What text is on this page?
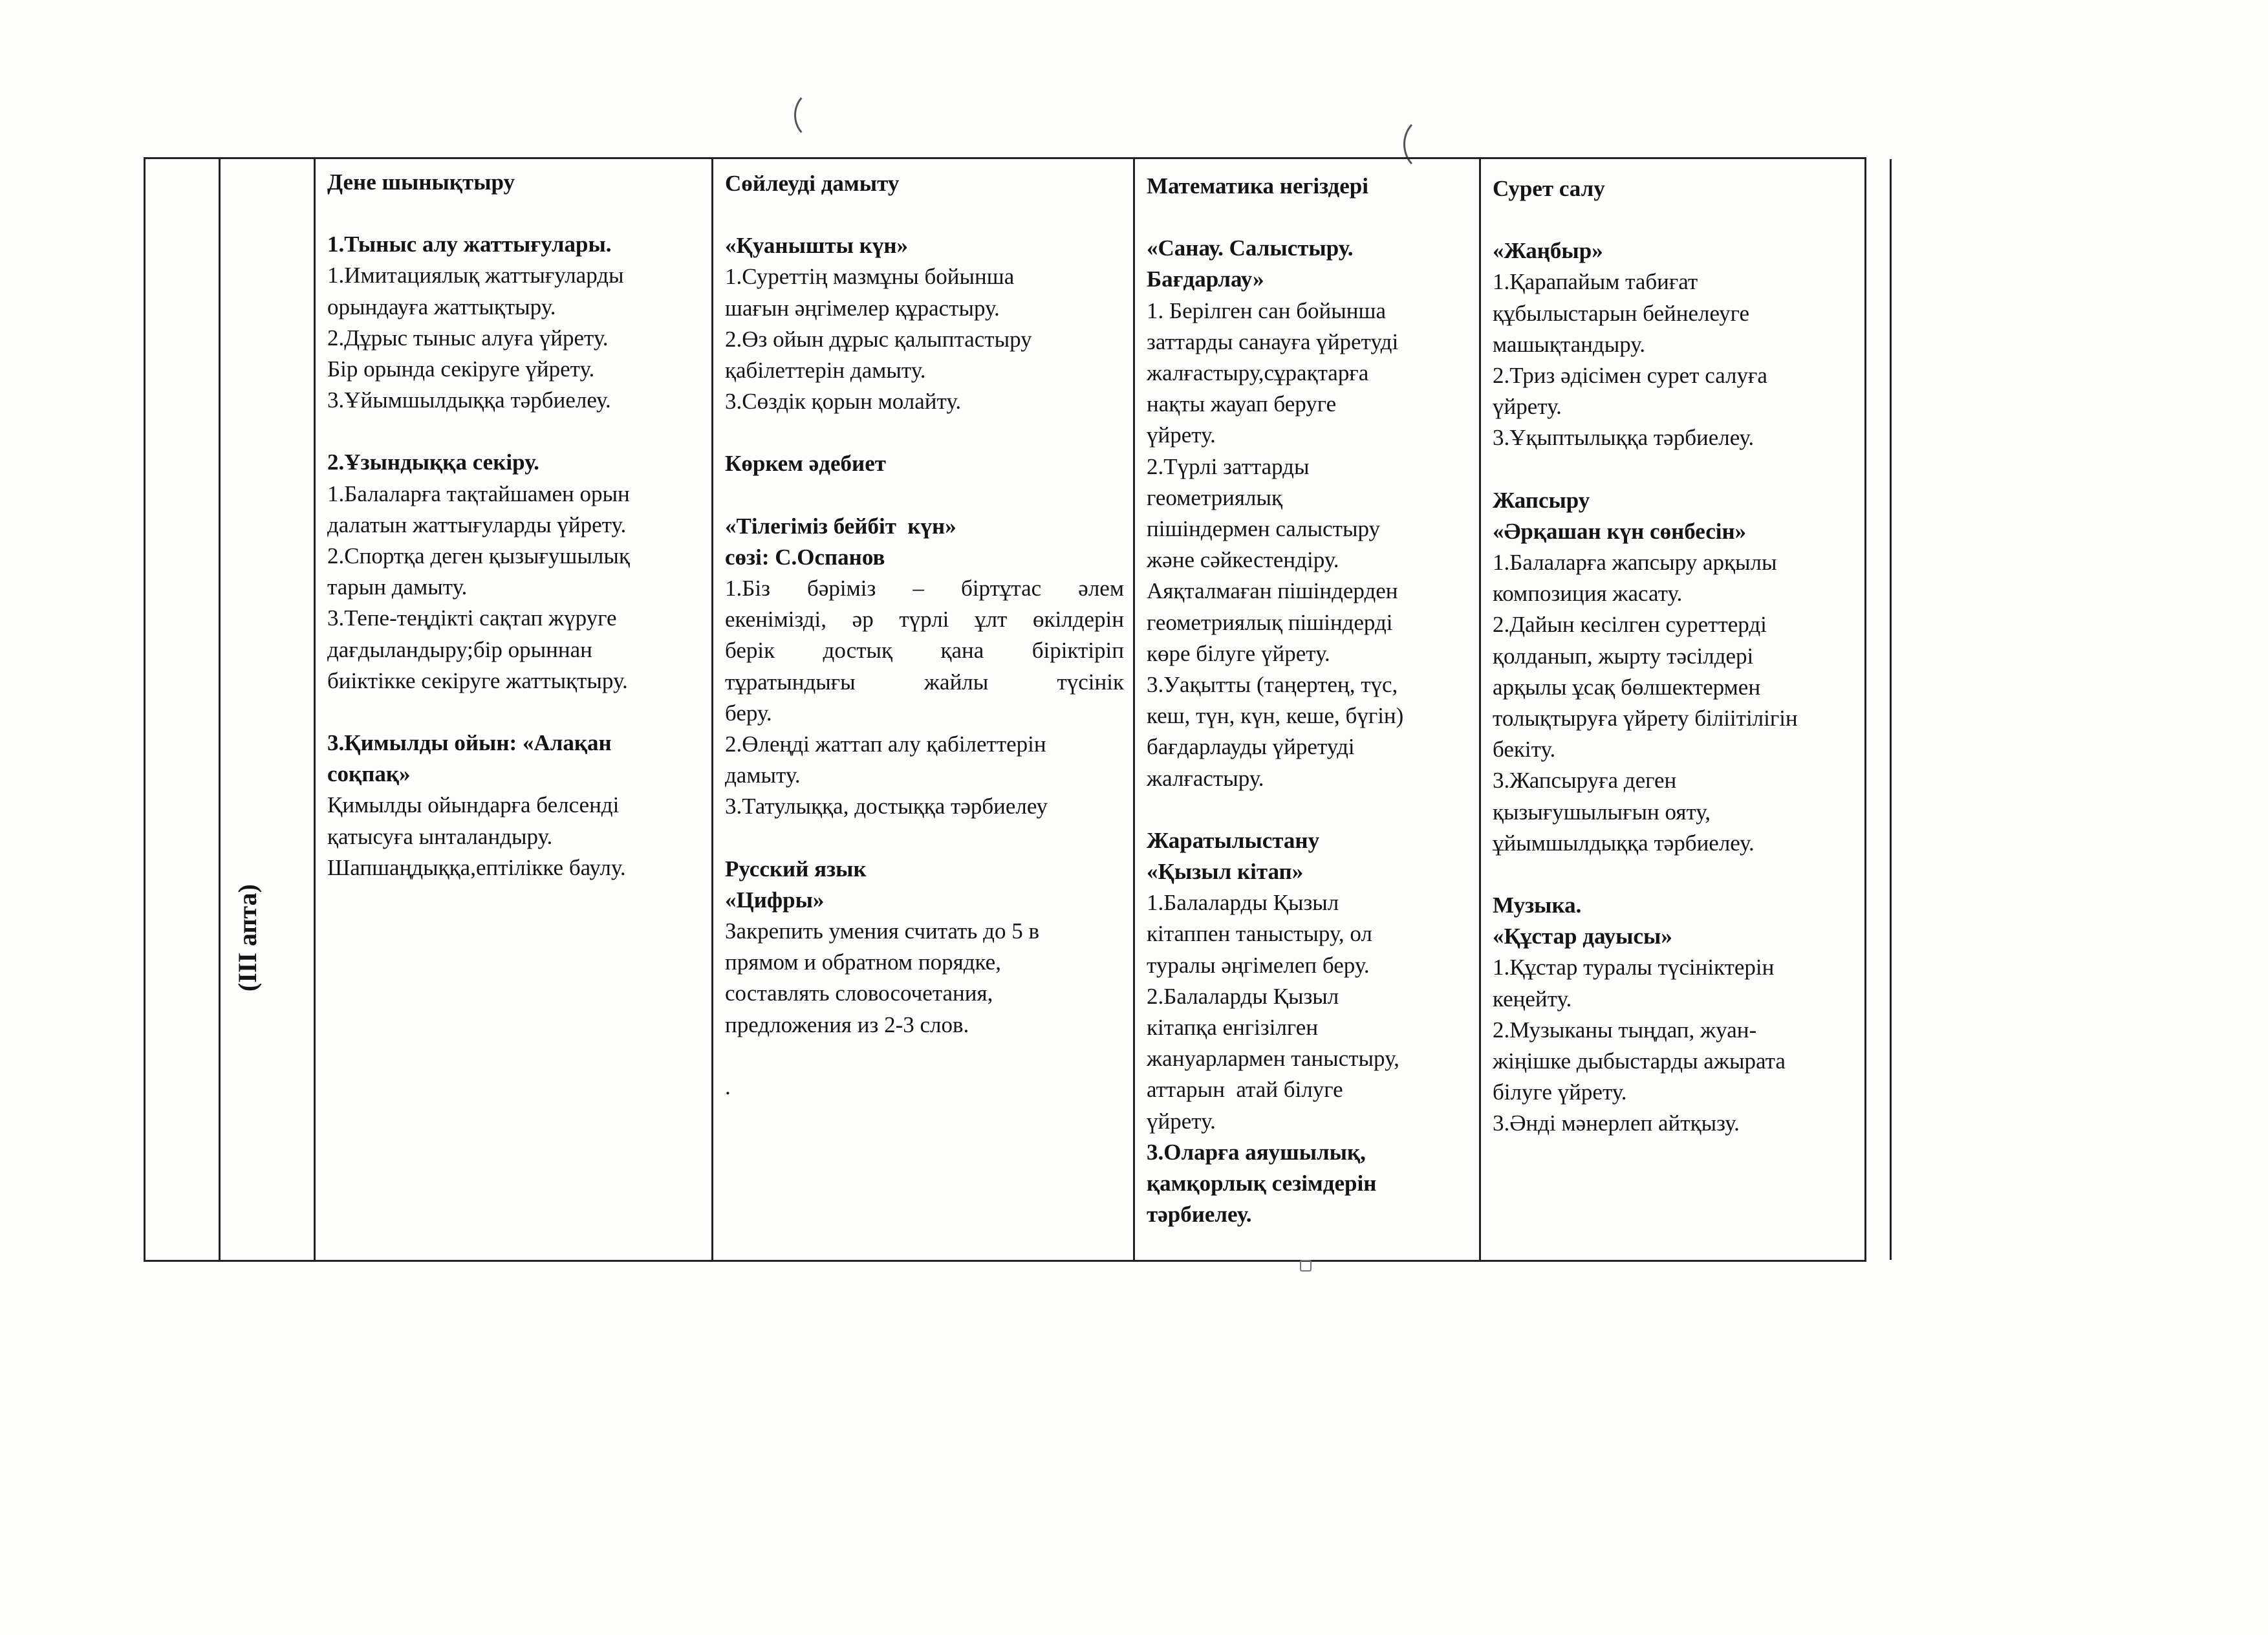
(III апта)
Дене шынықтыру
1.Тыныс алу жаттығулары.
1.Имитациялық жаттығуларды
орындауға жаттықтыру.
2.Дұрыс тыныс алуға үйрету.
Бір орында секіруге үйрету.
3.Ұйымшылдыққа тәрбиелеу.
2.Ұзындыққа секіру.
1.Балаларға тақтайшамен орын
далатын жаттығуларды үйрету.
2.Спортқа деген қызығушылық
тарын дамыту.
3.Тепе-теңдікті сақтап жүруге
дағдыландыру;бір орыннан
биіктікке секіруге жаттықтыру.
3.Қимылды ойын: «Алақан
соқпақ»
Қимылды ойындарға белсенді
қатысуға ынталандыру.
Шапшаңдыққа,ептілікке баулу.
Сөйлеуді дамыту
«Қуанышты күн»
1.Суреттің мазмұны бойынша
шағын әңгімелер құрастыру.
2.Өз ойын дұрыс қалыптастыру
қабілеттерін дамыту.
3.Сөздік қорын молайту.
Көркем әдебиет
«Тілегіміз бейбіт  күн»
сөзі: С.Оспанов
1.Біз бәріміз – біртұтас әлем
екенімізді, әр түрлі ұлт өкілдерін
берік достық қана біріктіріп
тұратындығы жайлы түсінік
беру.
2.Өлеңді жаттап алу қабілеттерін
дамыту.
3.Татулыққа, достыққа тәрбиелеу
Русский язык
«Цифры»
Закрепить умения считать до 5 в
прямом и обратном порядке,
составлять словосочетания,
предложения из 2-3 слов.
.
Математика негіздері
«Санау. Салыстыру.
Бағдарлау»
1. Берілген сан бойынша
заттарды санауға үйретуді
жалғастыру,сұрақтарға
нақты жауап беруге
үйрету.
2.Түрлі заттарды
геометриялық
пішіндермен салыстыру
және сәйкестендіру.
Аяқталмаған пішіндерден
геометриялық пішіндерді
көре білуге үйрету.
3.Уақытты (таңертең, түс,
кеш, түн, күн, кеше, бүгін)
бағдарлауды үйретуді
жалғастыру.
Жаратылыстану
«Қызыл кітап»
1.Балаларды Қызыл
кітаппен таныстыру, ол
туралы әңгімелеп беру.
2.Балаларды Қызыл
кітапқа енгізілген
жануарлармен таныстыру,
аттарын  атай білуге
үйрету.
3.Оларға аяушылық,
қамқорлық сезімдерін
тәрбиелеу.
Сурет салу
«Жаңбыр»
1.Қарапайым табиғат
құбылыстарын бейнелеуге
машықтандыру.
2.Триз әдісімен сурет салуға
үйрету.
3.Ұқыптылыққа тәрбиелеу.
Жапсыру
«Әрқашан күн сөнбесін»
1.Балаларға жапсыру арқылы
композиция жасату.
2.Дайын кесілген суреттерді
қолданып, жырту тәсілдері
арқылы ұсақ бөлшектермен
толықтыруға үйрету біліітілігін
бекіту.
3.Жапсыруға деген
қызығушылығын ояту,
ұйымшылдыққа тәрбиелеу.
Музыка.
«Құстар дауысы»
1.Құстар туралы түсініктерін
кеңейту.
2.Музыканы тыңдап, жуан-
жіңішке дыбыстарды ажырата
білуге үйрету.
3.Әнді мәнерлеп айтқызу.
